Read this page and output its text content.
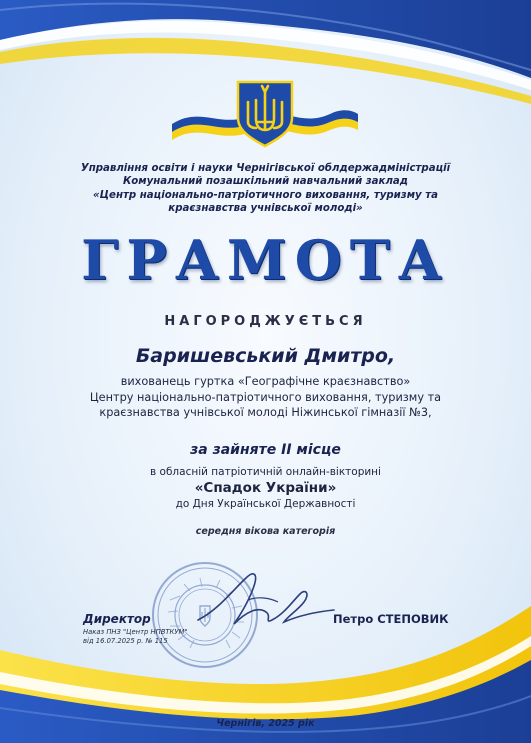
Управління освіти і науки Чернігівської облдержадміністрації
Комунальний позашкільний навчальний заклад
«Центр національно-патріотичного виховання, туризму та
краєзнавства учнівської молоді»
ГРАМОТА
НАГОРОДЖУЄТЬСЯ
Баришевський Дмитро,
вихованець гуртка «Географічне краєзнавство»
Центру національно-патріотичного виховання, туризму та
краєзнавства учнівської молоді Ніжинської гімназії №3,
за зайняте ІІ місце
в обласній патріотичній онлайн-вікторині
«Спадок України»
до Дня Української Державності
середня вікова категорія
Директор
Наказ ПНЗ "Центр НПВТКУМ"
від 16.07.2025 р. № 115
Петро СТЕПОВИК
Чернігів, 2025 рік
